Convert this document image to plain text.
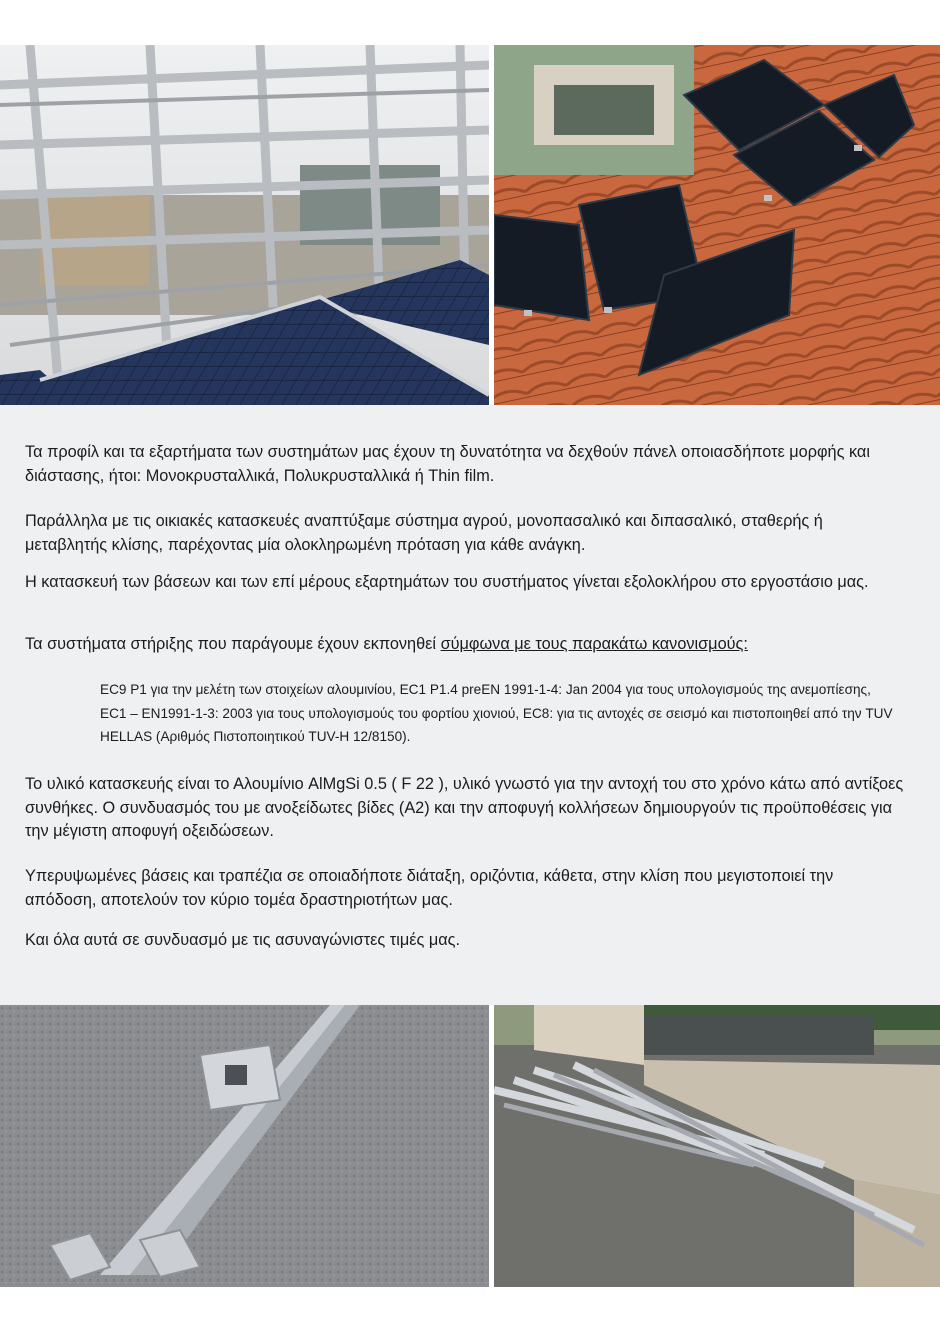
Τα προφίλ και τα εξαρτήματα των συστημάτων μας έχουν τη δυνατότητα να δεχθούν πάνελ οποιασδήποτε μορφής και διάστασης, ήτοι: Μονοκρυσταλλικά, Πολυκρυσταλλικά ή Thin film.

Παράλληλα με τις οικιακές κατασκευές αναπτύξαμε σύστημα αγρού, μονοπασαλικό και διπασαλικό, σταθερής ή μεταβλητής κλίσης, παρέχοντας μία ολοκληρωμένη πρόταση για κάθε ανάγκη.

Η κατασκευή των βάσεων και των επί μέρους εξαρτημάτων του συστήματος γίνεται εξολοκλήρου στο εργοστάσιο μας.

Τα συστήματα στήριξης που παράγουμε έχουν εκπονηθεί σύμφωνα με τους παρακάτω κανονισμούς:

EC9 P1 για την μελέτη των στοιχείων αλουμινίου, EC1 P1.4 preEN 1991-1-4: Jan 2004 για τους υπολογισμούς της ανεμοπίεσης, EC1 – EN1991-1-3: 2003 για τους υπολογισμούς του φορτίου χιονιού, EC8: για τις αντοχές σε σεισμό και πιστοποιηθεί από την TUV HELLAS (Αριθμός Πιστοποιητικού TUV-H 12/8150).

Το υλικό κατασκευής είναι το Αλουμίνιο AlMgSi 0.5 ( F 22 ), υλικό γνωστό για την αντοχή του στο χρόνο κάτω από αντίξοες συνθήκες. Ο συνδυασμός του με ανοξείδωτες βίδες (A2) και την αποφυγή κολλήσεων δημιουργούν τις προϋποθέσεις για την μέγιστη αποφυγή οξειδώσεων.

Υπερυψωμένες βάσεις και τραπέζια σε οποιαδήποτε διάταξη, οριζόντια, κάθετα, στην κλίση που μεγιστοποιεί την απόδοση, αποτελούν τον κύριο τομέα δραστηριοτήτων μας.

Και όλα αυτά σε συνδυασμό με τις ασυναγώνιστες τιμές μας.
